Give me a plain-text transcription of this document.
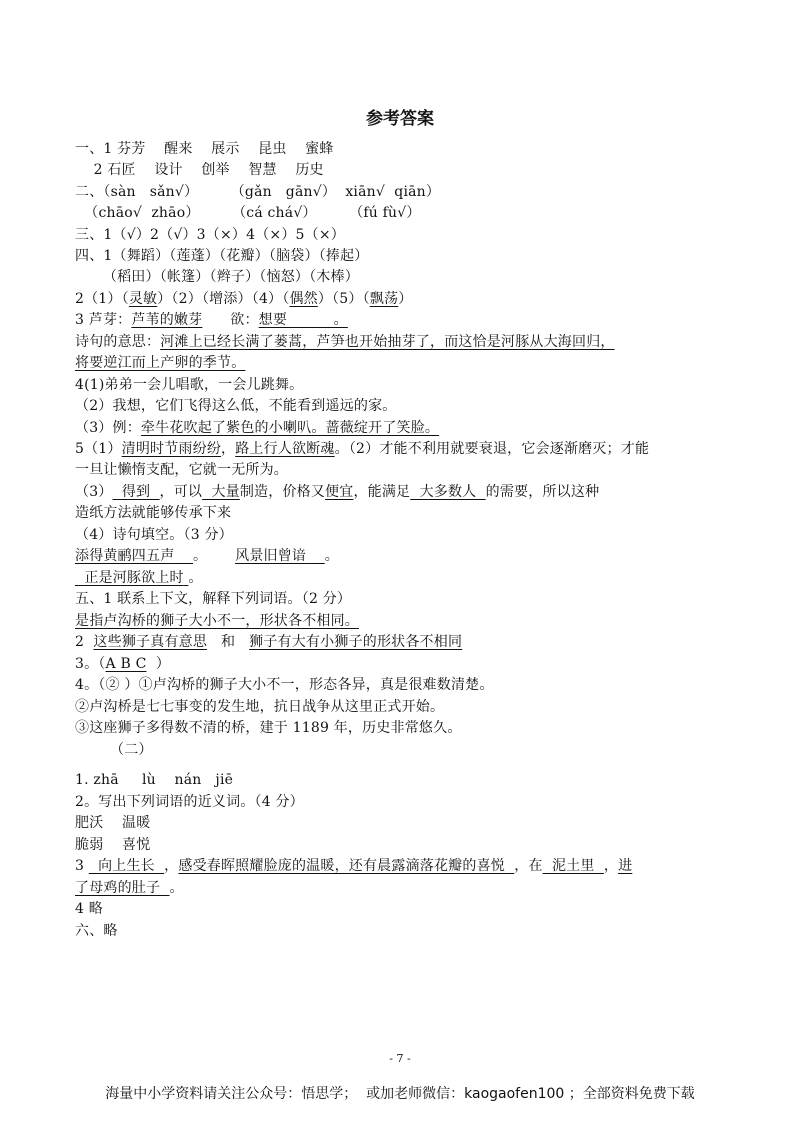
参考答案
一、1 芬芳    醒来    展示    昆虫    蜜蜂
2 石匠    设计    创举    智慧    历史
二、（sàn   sǎn√）       （gǎn   gān√）  xiān√  qiān）
（chāo√  zhāo）       （cá chá√）       （fú fù√）
三、1（√）2（√）3（×）4（×）5（×）
四、1（舞蹈）（莲蓬）（花瓣）（脑袋）（捧起）
（稻田）（帐篷）（辫子）（恼怒）（木棒）
2（1）（灵敏）（2）（增添）（4）（偶然）（5）（飘荡）
3 芦芽：芦苇的嫩芽      欲：想要          。
诗句的意思：河滩上已经长满了蒌蒿，芦笋也开始抽芽了，而这恰是河豚从大海回归，
将要逆江而上产卵的季节。
4(1)弟弟一会儿唱歌，一会儿跳舞。
（2）我想，它们飞得这么低，不能看到遥远的家。
（3）例：牵牛花吹起了紫色的小喇叭。蔷薇绽开了笑脸。
5（1）清明时节雨纷纷，路上行人欲断魂。（2）才能不利用就要衰退，它会逐渐磨灭；才能
一旦让懒惰支配，它就一无所为。
（3）  得到  ，可以  大量制造，价格又便宜，能满足  大多数人  的需要，所以这种
造纸方法就能够传承下来
（4）诗句填空。（3 分）
添得黄鹂四五声 。      风景旧曾谙 。
正是河豚欲上时 。
五、1 联系上下文，解释下列词语。（2 分）
是指卢沟桥的狮子大小不一，形状各不相同。
2  这些狮子真有意思   和   狮子有大有小狮子的形状各不相同
3。（A B C  ）
4。（② ）①卢沟桥的狮子大小不一，形态各异，真是很难数清楚。
②卢沟桥是七七事变的发生地，抗日战争从这里正式开始。
③这座狮子多得数不清的桥，建于 1189 年，历史非常悠久。
（二）
1. zhā     lù    nán   jiē
2。写出下列词语的近义词。（4 分）
肥沃    温暖
脆弱    喜悦
3   向上生长  ，感受春晖照耀脸庞的温暖，还有晨露滴落花瓣的喜悦  ，在  泥土里  ，进
了母鸡的肚子  。
4 略
六、略
- 7 -
海量中小学资料请关注公众号：悟思学；  或加老师微信：kaogaofen100 ；全部资料免费下载
